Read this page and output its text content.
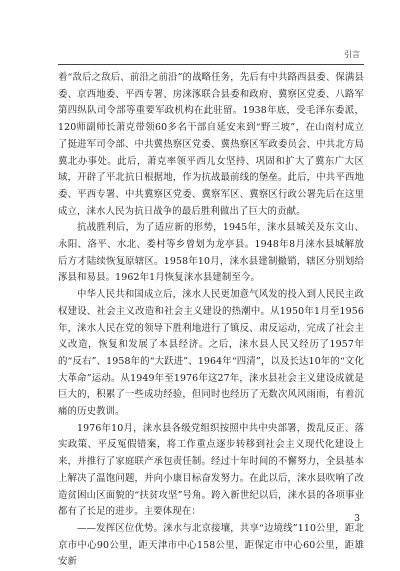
引言

着“敌后之敌后、前沿之前沿”的战略任务，先后有中共路西县委、保满县委、京西地委、平西专署、房涞涿联合县委和政府、冀察区党委、八路军第四纵队司令部等重要军政机构在此驻留。1938年底，受毛泽东委派，120师副师长萧克带领60多名干部自延安来到“野三坡”，在山南村成立了挺进军司令部、中共冀热察区党委、冀热察区军政委员会、中共北方局冀北办事处。此后，萧克率领平西儿女坚持、巩固和扩大了冀东广大区域，开辟了平北抗日根据地，作为抗战最前线的堡垒。此后，中共平西地委、平西专署、中共冀察区党委、冀察军区、冀察区行政公署先后在这里成立，涞水人民为抗日战争的最后胜利做出了巨大的贡献。

抗战胜利后，为了适应新的形势，1945年，涞水县城关及东文山、永阳、洛平、水北、娄村等乡曾划为龙亭县。1948年8月涞水县城解放后方才陆续恢复原辖区。1958年10月，涞水县建制撤销，辖区分别划给涿县和易县。1962年1月恢复涞水县建制至今。

中华人民共和国成立后，涞水人民更加意气风发的投入到人民民主政权建设、社会主义改造和社会主义建设的热潮中。从1950年1月至1956年，涞水人民在党的领导下胜利地进行了镇反、肃反运动，完成了社会主义改造，恢复和发展了本县经济。之后，涞水县人民又经历了1957年的“反右”、1958年的“大跃进”、1964年“四清”，以及长达10年的“文化大革命”运动。从1949年至1976年这27年，涞水县社会主义建设成就是巨大的，积累了一些成功经验，但同时也经历了无数次风风雨雨，有着沉痛的历史教训。

1976年10月，涞水县各级党组织按照中共中央部署，拨乱反正、落实政策、平反冤假错案，将工作重点逐步转移到社会主义现代化建设上来，并推行了家庭联产承包责任制。经过十年时间的不懈努力，全县基本上解决了温饱问题，并向小康目标奋发努力。在此以后，涞水县吹响了改造贫困山区面貌的“扶贫攻坚”号角。跨入新世纪以后，涞水县的各项事业都有了长足的进步。主要体现在：

——发挥区位优势。涞水与北京接壤，共享“边境线”110公里，距北京市中心90公里，距天津市中心158公里，距保定市中心60公里，距雄安新

3
